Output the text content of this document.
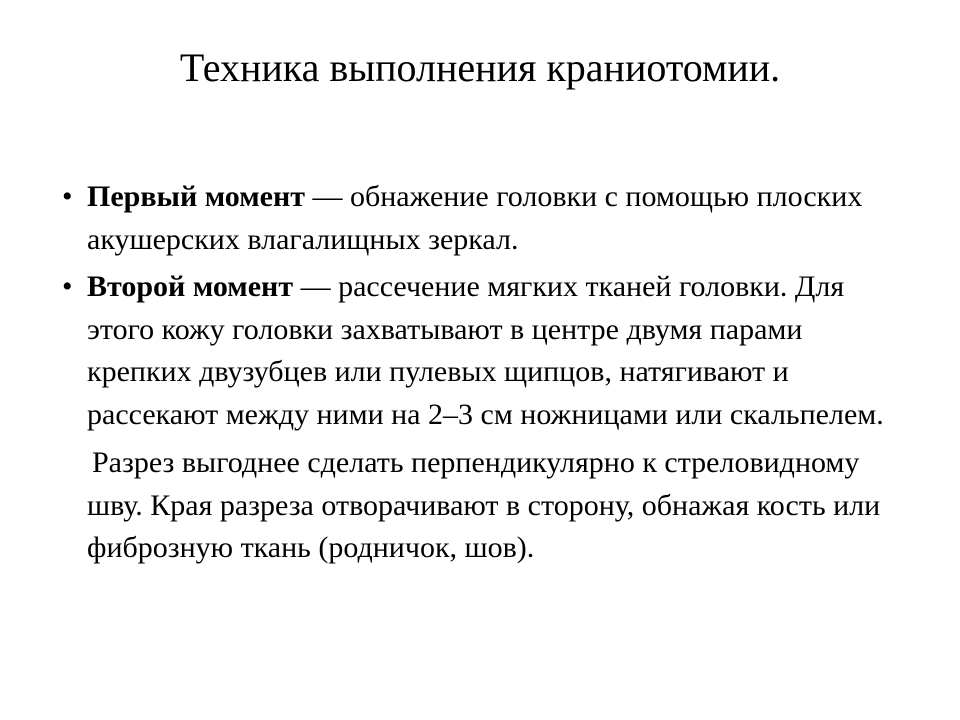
Техника выполнения краниотомии.
• Первый момент — обнажение головки с помощью плоских акушерских влагалищных зеркал.
• Второй момент — рассечение мягких тканей головки. Для этого кожу головки захватывают в центре двумя парами крепких двузубцев или пулевых щипцов, натягивают и рассекают между ними на 2–3 см ножницами или скальпелем.
Разрез выгоднее сделать перпендикулярно к стреловидному шву. Края разреза отворачивают в сторону, обнажая кость или фиброзную ткань (родничок, шов).
